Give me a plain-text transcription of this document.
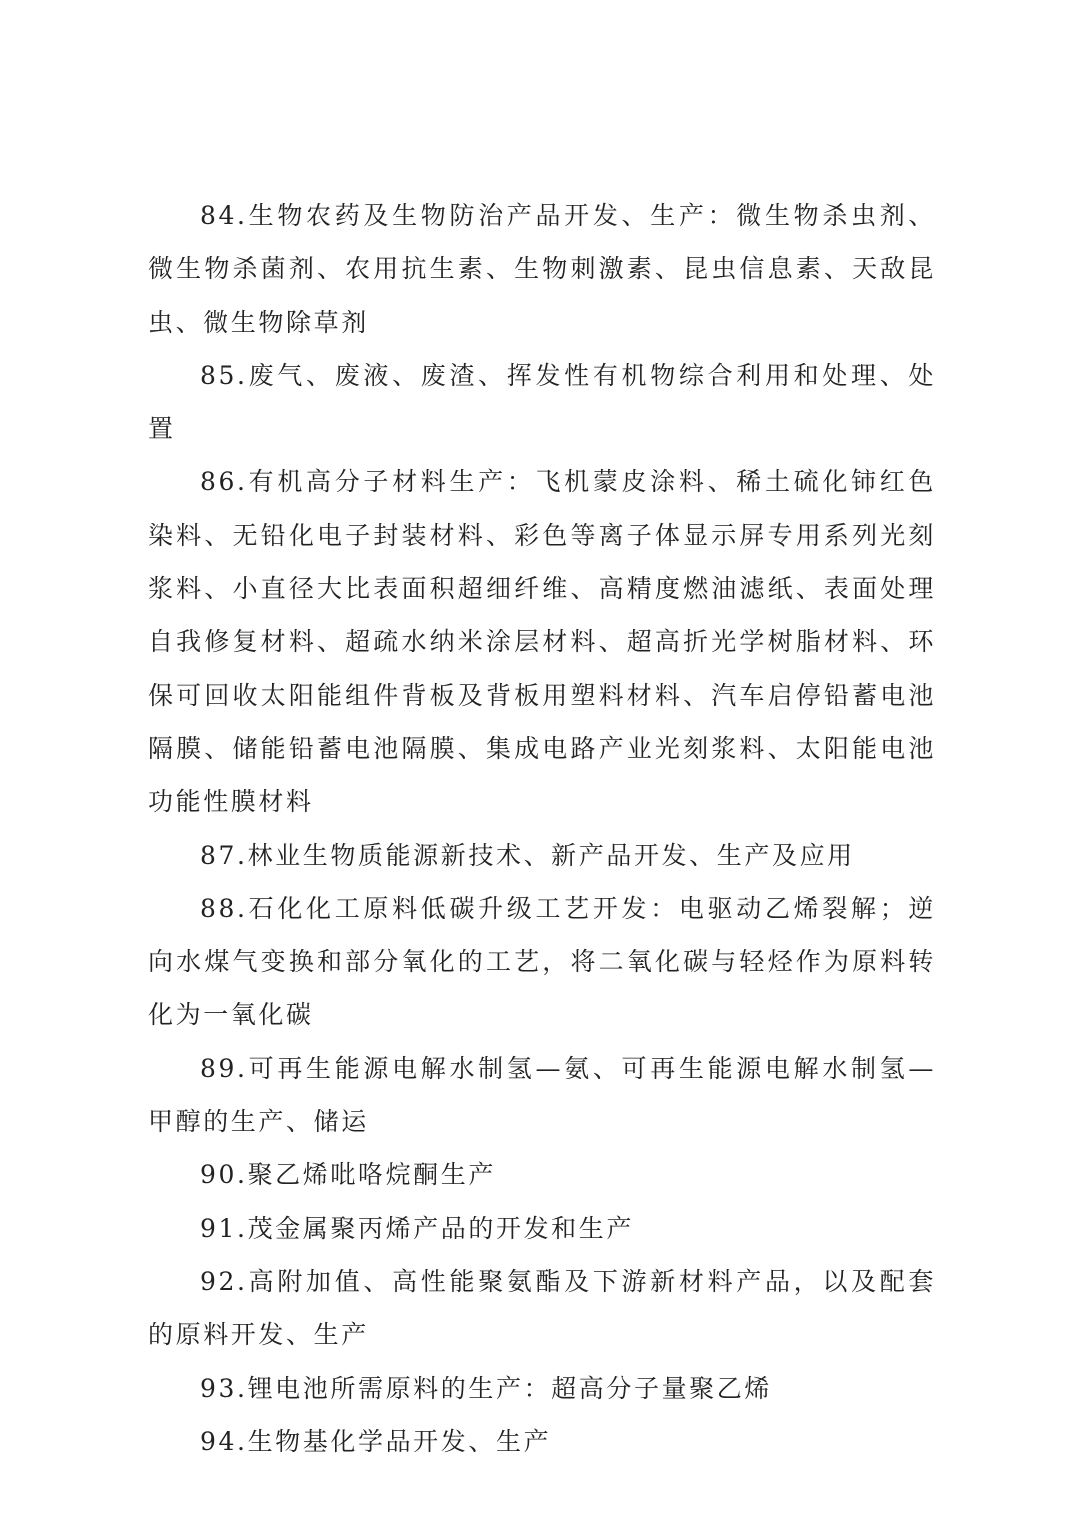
84.生物农药及生物防治产品开发、生产：微生物杀虫剂、微生物杀菌剂、农用抗生素、生物刺激素、昆虫信息素、天敌昆虫、微生物除草剂

85.废气、废液、废渣、挥发性有机物综合利用和处理、处置

86.有机高分子材料生产：飞机蒙皮涂料、稀土硫化铈红色染料、无铅化电子封装材料、彩色等离子体显示屏专用系列光刻浆料、小直径大比表面积超细纤维、高精度燃油滤纸、表面处理自我修复材料、超疏水纳米涂层材料、超高折光学树脂材料、环保可回收太阳能组件背板及背板用塑料材料、汽车启停铅蓄电池隔膜、储能铅蓄电池隔膜、集成电路产业光刻浆料、太阳能电池功能性膜材料

87.林业生物质能源新技术、新产品开发、生产及应用

88.石化化工原料低碳升级工艺开发：电驱动乙烯裂解；逆向水煤气变换和部分氧化的工艺，将二氧化碳与轻烃作为原料转化为一氧化碳

89.可再生能源电解水制氢—氨、可再生能源电解水制氢—甲醇的生产、储运

90.聚乙烯吡咯烷酮生产

91.茂金属聚丙烯产品的开发和生产

92.高附加值、高性能聚氨酯及下游新材料产品，以及配套的原料开发、生产

93.锂电池所需原料的生产：超高分子量聚乙烯

94.生物基化学品开发、生产
